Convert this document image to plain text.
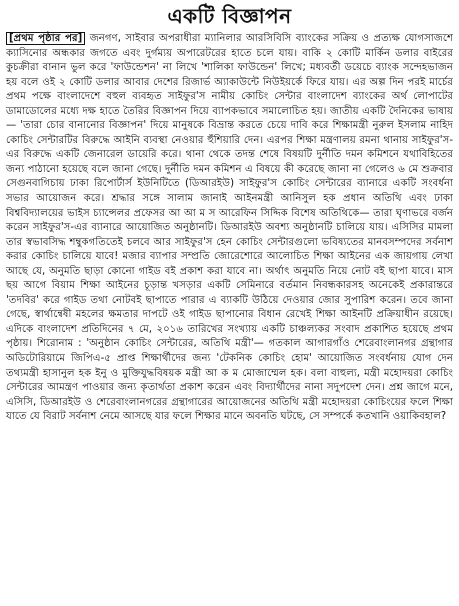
একটি বিজ্ঞাপন

[প্রথম পৃষ্ঠার পর] জনগণ, সাইবার অপরাধীরা ম্যানিলার আরসিবিসি ব্যাংকের সক্রিয় ও প্রত্যক্ষ যোগসাজশে ক্যাসিনোর অন্ধকার জগতে এবং দুর্গম্যয় অপারেটরের হাতে চলে যায়। বাকি ২ কোটি মার্কিন ডলার বাইরের কুচক্রীরা বানান ভুল করে 'ফাউন্ডেশন' না লিখে 'শালিকা ফাউন্ডেন' লিখে; মধ্যবর্তী ডয়েচে ব্যাংক সন্দেহভাজন হয় বলে ওই ২ কোটি ডলার আবার দেশের রিজার্ভ অ্যাকাউন্টে নিউইয়র্কে ফিরে যায়। এর অল্প দিন পরই মার্চের প্রথম পক্ষে বাংলাদেশে বহুল ব্যবহৃত সাইফুর'স নামীয় কোচিং সেন্টার বাংলাদেশ ব্যাংকের অর্থ লোপাটের ডামাডোলের মধ্যে দক্ষ হাতে তৈরির বিজ্ঞাপন দিয়ে ব্যাপকভাবে সমালোচিত হয়। জাতীয় একটি দৈনিকের ভাষায়— 'তারা চোর বানানোর বিজ্ঞাপন' দিয়ে মানুষকে বিভ্রান্ত করতে চেয়ে দাবি করে শিক্ষামন্ত্রী নুরুল ইসলাম নাহিদ কোচিং সেন্টারটির বিরুদ্ধে আইনি ব্যবস্থা নেওয়ার হুঁশিয়ারি দেন। এরপর শিক্ষা মন্ত্রণালয় রমনা থানায় সাইফুর'স-এর বিরুদ্ধে একটি জেনারেল ডায়েরি করে। থানা থেকে তদন্ত শেষে বিষয়টি দুর্নীতি দমন কমিশনে যথাবিহিতের জন্য পাঠানো হয়েছে বলে জানা গেছে। দুর্নীতি দমন কমিশন এ বিষয়ে কী করেছে জানা না গেলেও ৬ মে শুক্রবার সেগুনবাগিচায় ঢাকা রিপোর্টার্স ইউনিটিতে (ডিআরইউ) সাইফুর'স কোচিং সেন্টারের ব্যানারে একটি সংবর্ধনা সভার আয়োজন করে। শ্রদ্ধার সঙ্গে সালাম জানাই আইনমন্ত্রী আনিসুল হক প্রধান অতিথি এবং ঢাকা বিশ্ববিদ্যালয়ের ভাইস চ্যান্সেলর প্রফেসর আ আ ম স আরেফিন সিদ্দিক বিশেষ অতিথিকে— তারা ঘৃণাভরে বর্জন করেন সাইফুর'স-এর ব্যানারে আয়োজিত অনুষ্ঠানটি। ডিআরইউ অবশ্য অনুষ্ঠানটি চালিয়ে যায়। এসিসির মামলা তার স্বভাবসিদ্ধ শম্বুকগতিতেই চলবে আর সাইফুর'স হেন কোচিং সেন্টারগুলো ভবিষ্যতের মানবসম্পদের সর্বনাশ করার কোচিং চালিয়ে যাবে! মজার ব্যাপার সম্প্রতি জোরেশোরে আলোচিত শিক্ষা আইনের এক জায়গায় লেখা আছে যে, অনুমতি ছাড়া কোনো গাইড বই প্রকাশ করা যাবে না। অর্থাৎ অনুমতি নিয়ে নোট বই ছাপা যাবে। মাস ছয় আগে বিয়াম শিক্ষা আইনের চূড়ান্ত খসড়ার একটি সেমিনারে বর্তমান নিবন্ধকারসহ অনেকেই প্রকারান্তরে 'তদবির' করে গাইড তথা নোটবই ছাপাতে পারার এ ব্যাকটি উঠিয়ে দেওয়ার জোর সুপারিশ করেন। তবে জানা গেছে, স্বার্থান্বেষী মহলের ক্ষমতার দাপটে ওই গাইড ছাপানোর বিধান রেখেই শিক্ষা আইনটি প্রক্রিয়াধীন রয়েছে। এদিকে বাংলাদেশ প্রতিদিনের ৭ মে, ২০১৬ তারিখের সংখ্যায় একটি চাঞ্চল্যকর সংবাদ প্রকাশিত হয়েছে প্রথম পৃষ্ঠায়। শিরোনাম : 'অনুষ্ঠান কোচিং সেন্টারের, অতিথি মন্ত্রী'— গতকাল আগারগাঁও শেরেবাংলানগর গ্রন্থাগার অডিটোরিয়ামে জিপিএ-৫ প্রাপ্ত শিক্ষার্থীদের জন্য 'টেকনিক কোচিং হোম' আয়োজিত সংবর্ধনায় যোগ দেন তথ্যমন্ত্রী হাসানুল হক ইনু ও মুক্তিযুদ্ধবিষয়ক মন্ত্রী আ ক ম মোজাম্মেল হক। বলা বাহুল্য, মন্ত্রী মহোদয়রা কোচিং সেন্টারের আমন্ত্রণ পাওয়ার জন্য কৃতার্থতা প্রকাশ করেন এবং বিদ্যার্থীদের নানা সদুপদেশ দেন। প্রশ্ন জাগে মনে, এসিসি, ডিআরইউ ও শেরেবাংলানগরের গ্রন্থাগারের আয়োজনের অতিথি মন্ত্রী মহোদয়রা কোচিংয়ের ফলে শিক্ষা যাতে যে বিরাট সর্বনাশ নেমে আসছে যার ফলে শিক্ষার মানে অবনতি ঘটছে, সে সম্পর্কে কতখানি ওয়াকিবহাল?
